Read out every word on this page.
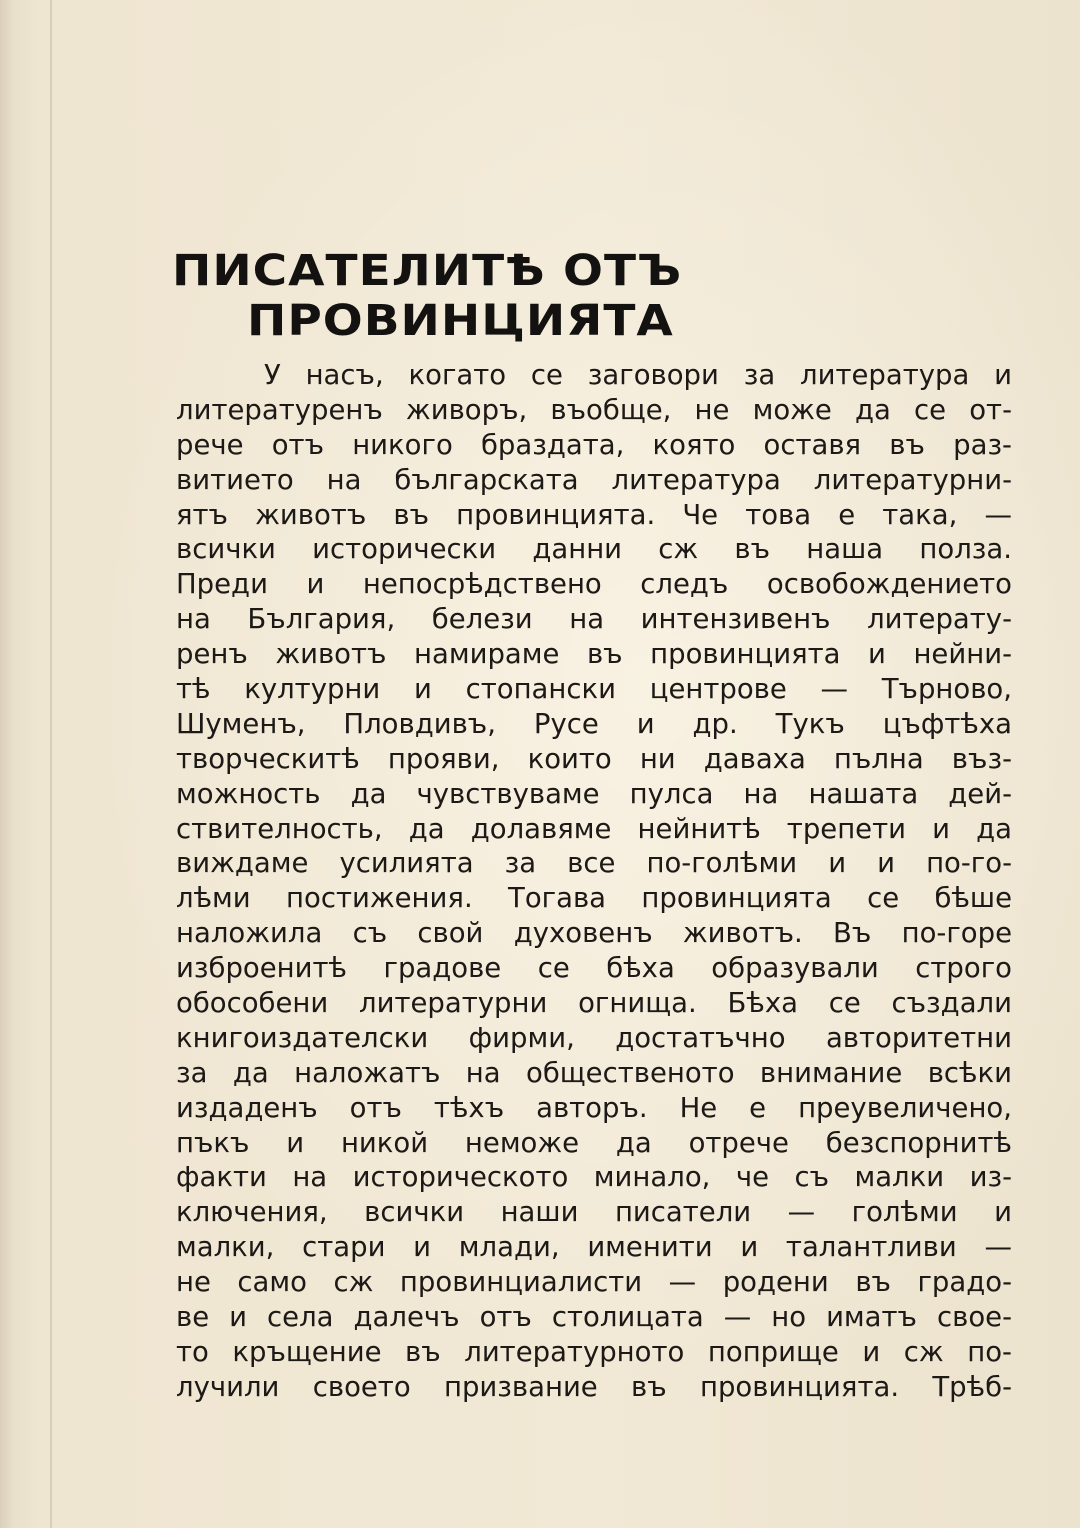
ПИСАТЕЛИТѢ ОТЪ
ПРОВИНЦИЯТА
У насъ, когато се заговори за литература и
литературенъ живоръ, въобще, не може да се от-
рече отъ никого браздата, която оставя въ раз-
витието на българската литература литературни-
ятъ животъ въ провинцията. Че това е така, —
всички исторически данни сж въ наша полза.
Преди и непосрѣдствено следъ освобождението
на България, белези на интензивенъ литерату-
ренъ животъ намираме въ провинцията и нейни-
тѣ културни и стопански центрове — Търново,
Шуменъ, Пловдивъ, Русе и др. Тукъ цъфтѣха
творческитѣ прояви, които ни даваха пълна въз-
можность да чувствуваме пулса на нашата дей-
ствителность, да долавяме нейнитѣ трепети и да
виждаме усилията за все по-голѣми и и по-го-
лѣми постижения. Тогава провинцията се бѣше
наложила съ свой духовенъ животъ. Въ по-горе
изброенитѣ градове се бѣха образували строго
обособени литературни огнища. Бѣха се създали
книгоиздателски фирми, достатъчно авторитетни
за да наложатъ на общественото внимание всѣки
издаденъ отъ тѣхъ авторъ. Не е преувеличено,
пъкъ и никой неможе да отрече безспорнитѣ
факти на историческото минало, че съ малки из-
ключения, всички наши писатели — голѣми и
малки, стари и млади, именити и талантливи —
не само сж провинциалисти — родени въ градо-
ве и села далечъ отъ столицата — но иматъ свое-
то кръщение въ литературното поприще и сж по-
лучили своето призвание въ провинцията. Трѣб-
